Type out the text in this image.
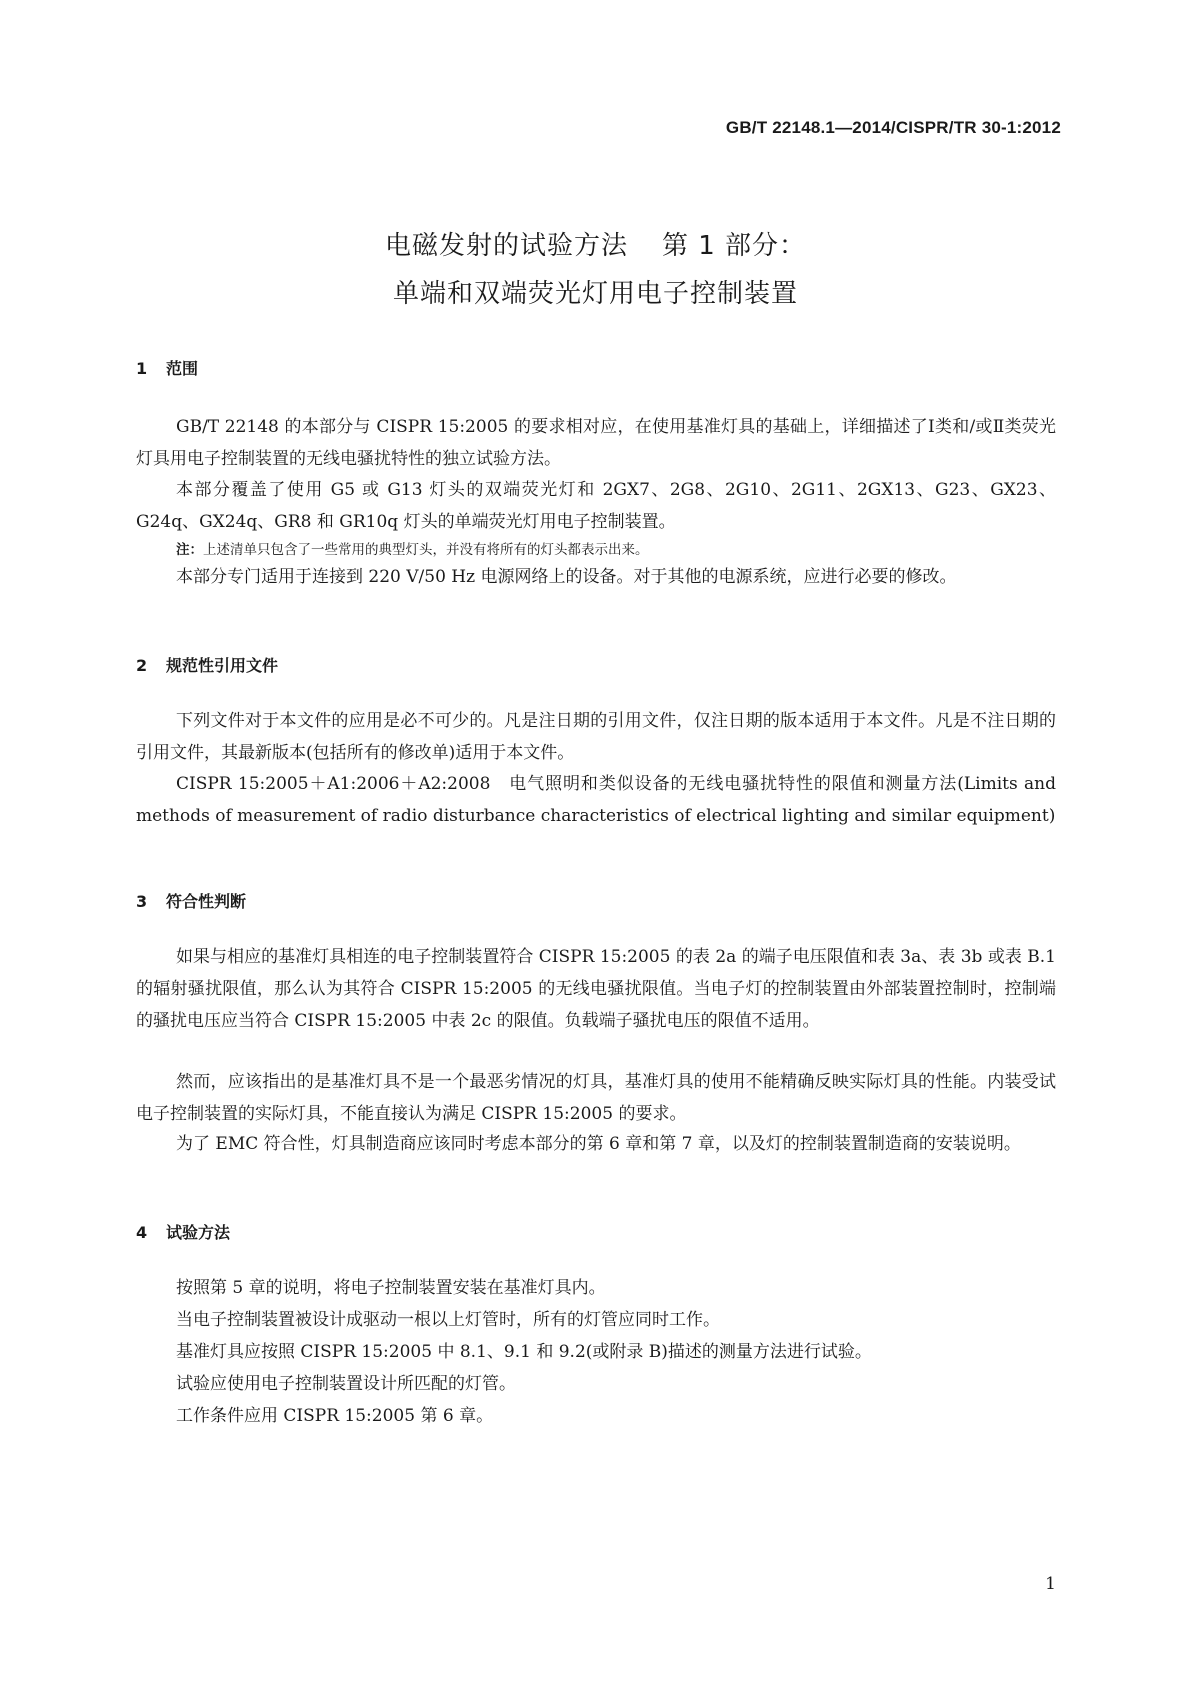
GB/T 22148.1—2014/CISPR/TR 30-1:2012
电磁发射的试验方法 第 1 部分：
单端和双端荧光灯用电子控制装置
1 范围
GB/T 22148 的本部分与 CISPR 15:2005 的要求相对应，在使用基准灯具的基础上，详细描述了Ⅰ类和/或Ⅱ类荧光灯具用电子控制装置的无线电骚扰特性的独立试验方法。
本部分覆盖了使用 G5 或 G13 灯头的双端荧光灯和 2GX7、2G8、2G10、2G11、2GX13、G23、GX23、G24q、GX24q、GR8 和 GR10q 灯头的单端荧光灯用电子控制装置。
注：上述清单只包含了一些常用的典型灯头，并没有将所有的灯头都表示出来。
本部分专门适用于连接到 220 V/50 Hz 电源网络上的设备。对于其他的电源系统，应进行必要的修改。
2 规范性引用文件
下列文件对于本文件的应用是必不可少的。凡是注日期的引用文件，仅注日期的版本适用于本文件。凡是不注日期的引用文件，其最新版本(包括所有的修改单)适用于本文件。
CISPR 15:2005＋A1:2006＋A2:2008　电气照明和类似设备的无线电骚扰特性的限值和测量方法(Limits and methods of measurement of radio disturbance characteristics of electrical lighting and similar equipment)
3 符合性判断
如果与相应的基准灯具相连的电子控制装置符合 CISPR 15:2005 的表 2a 的端子电压限值和表 3a、表 3b 或表 B.1 的辐射骚扰限值，那么认为其符合 CISPR 15:2005 的无线电骚扰限值。当电子灯的控制装置由外部装置控制时，控制端的骚扰电压应当符合 CISPR 15:2005 中表 2c 的限值。负载端子骚扰电压的限值不适用。
然而，应该指出的是基准灯具不是一个最恶劣情况的灯具，基准灯具的使用不能精确反映实际灯具的性能。内装受试电子控制装置的实际灯具，不能直接认为满足 CISPR 15:2005 的要求。
为了 EMC 符合性，灯具制造商应该同时考虑本部分的第 6 章和第 7 章，以及灯的控制装置制造商的安装说明。
4 试验方法
按照第 5 章的说明，将电子控制装置安装在基准灯具内。
当电子控制装置被设计成驱动一根以上灯管时，所有的灯管应同时工作。
基准灯具应按照 CISPR 15:2005 中 8.1、9.1 和 9.2(或附录 B)描述的测量方法进行试验。
试验应使用电子控制装置设计所匹配的灯管。
工作条件应用 CISPR 15:2005 第 6 章。
1
